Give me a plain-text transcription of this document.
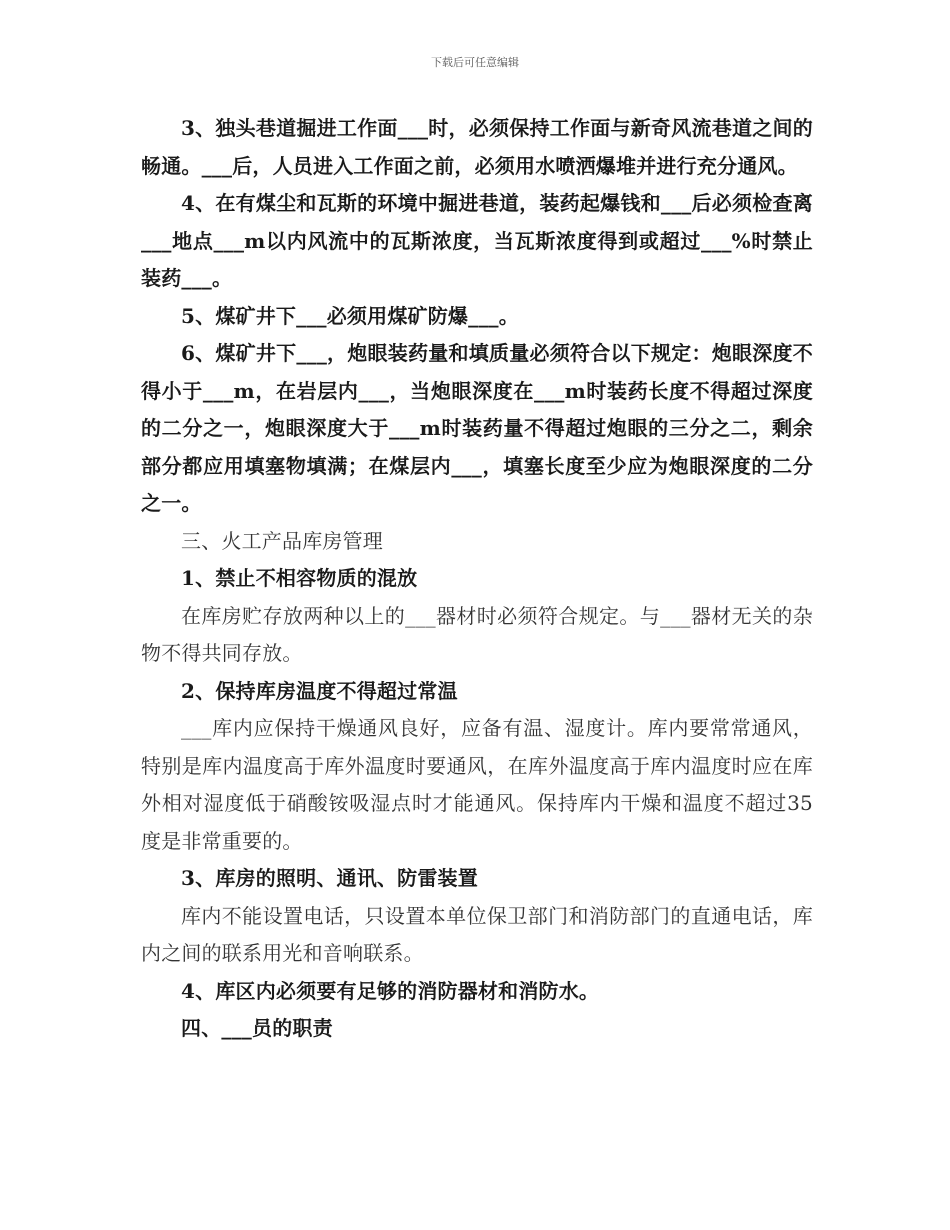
下载后可任意编辑

3、独头巷道掘进工作面___时，必须保持工作面与新奇风流巷道之间的畅通。___后，人员进入工作面之前，必须用水喷洒爆堆并进行充分通风。

4、在有煤尘和瓦斯的环境中掘进巷道，装药起爆钱和___后必须检查离___地点___m以内风流中的瓦斯浓度，当瓦斯浓度得到或超过___%时禁止装药___。

5、煤矿井下___必须用煤矿防爆___。

6、煤矿井下___，炮眼装药量和填质量必须符合以下规定：炮眼深度不得小于___m，在岩层内___，当炮眼深度在___m时装药长度不得超过深度的二分之一，炮眼深度大于___m时装药量不得超过炮眼的三分之二，剩余部分都应用填塞物填满；在煤层内___，填塞长度至少应为炮眼深度的二分之一。

三、火工产品库房管理

1、禁止不相容物质的混放

在库房贮存放两种以上的___器材时必须符合规定。与___器材无关的杂物不得共同存放。

2、保持库房温度不得超过常温

___库内应保持干燥通风良好，应备有温、湿度计。库内要常常通风，特别是库内温度高于库外温度时要通风，在库外温度高于库内温度时应在库外相对湿度低于硝酸铵吸湿点时才能通风。保持库内干燥和温度不超过35度是非常重要的。

3、库房的照明、通讯、防雷装置

库内不能设置电话，只设置本单位保卫部门和消防部门的直通电话，库内之间的联系用光和音响联系。

4、库区内必须要有足够的消防器材和消防水。

四、___员的职责
